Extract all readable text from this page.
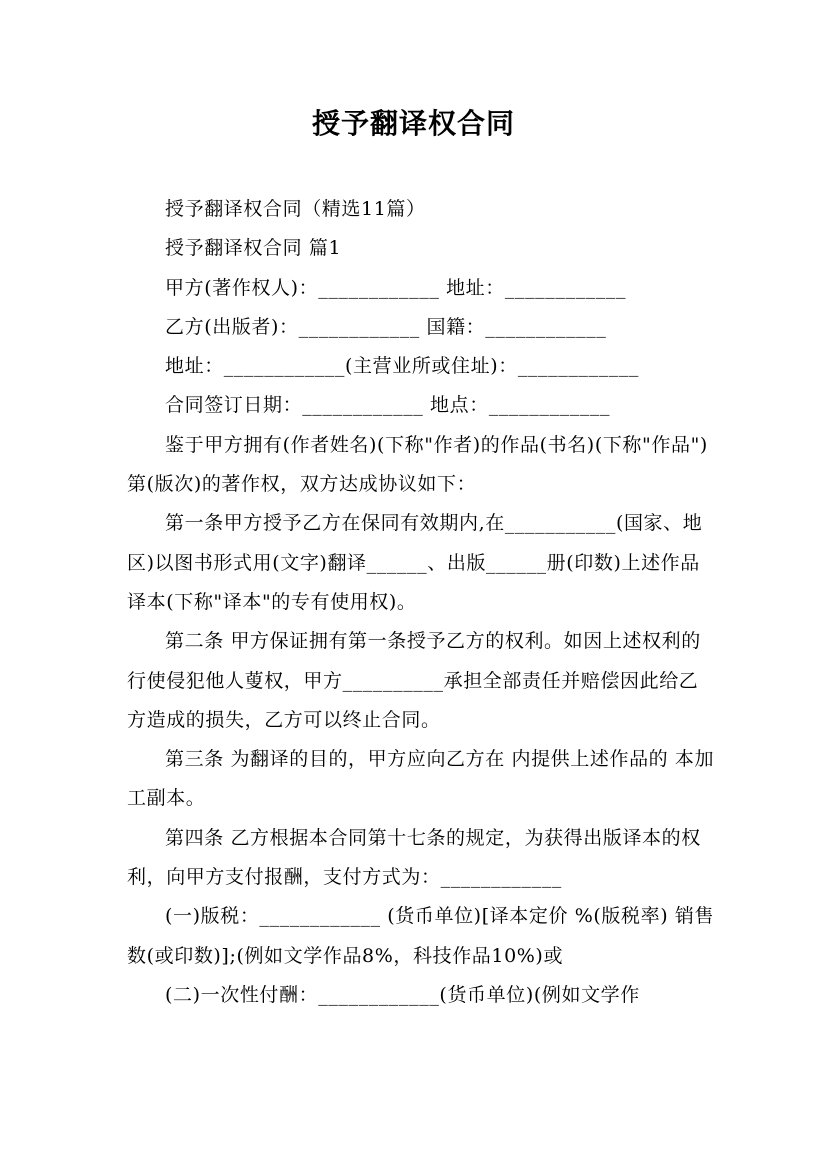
授予翻译权合同

授予翻译权合同（精选11篇）

授予翻译权合同 篇1

甲方(著作权人)：____________ 地址：____________

乙方(出版者)：____________ 国籍：____________

地址：____________(主营业所或住址)：____________

合同签订日期：____________ 地点：____________

鉴于甲方拥有(作者姓名)(下称"作者)的作品(书名)(下称"作品")第(版次)的著作权，双方达成协议如下：

第一条甲方授予乙方在保同有效期内,在___________(国家、地区)以图书形式用(文字)翻译______、出版______册(印数)上述作品译本(下称"译本"的专有使用权)。

第二条 甲方保证拥有第一条授予乙方的权利。如因上述权利的行使侵犯他人蓃权，甲方__________承担全部责任并赔偿因此给乙方造成的损失，乙方可以终止合同。

第三条 为翻译的目的，甲方应向乙方在 内提供上述作品的 本加工副本。

第四条 乙方根据本合同第十七条的规定，为获得出版译本的权利，向甲方支付报酬，支付方式为：____________

(一)版税：____________ (货币单位)[译本定价 %(版税率) 销售数(或印数)];(例如文学作品8%，科技作品10%)或

(二)一次性付酬：____________(货币单位)(例如文学作
